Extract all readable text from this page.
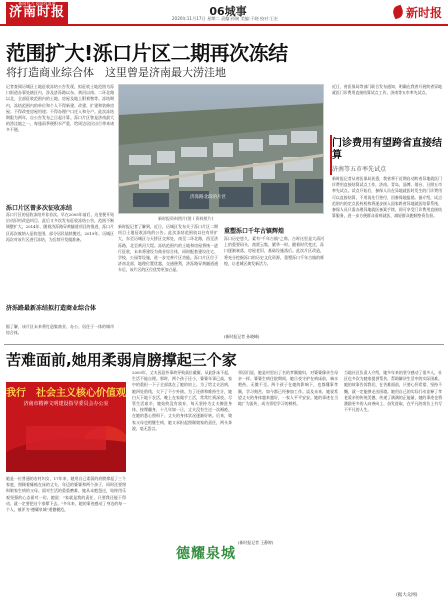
新闻有力 阅读有温度
济南时报	06城事
2020年11月17日 星期二 责编:孙婉 美编:于晓 校对:王宏	新时报
范围扩大!泺口片区二期再次冻结
将打造商业综合体　这里曾是济南最大涝洼地
记者查阅历城区土地征收冻结公告发现，拟征收土地范围为泺口街道办事处辖区内，涉及济泺路以东、黄河以南、二环北路以北，全部征收范围内的土地、房屋及地上附着物等。冻结期内，冻结范围内的单位和个人不得新建、改建、扩建和装修房屋；不得改变房屋用途；不得办理户口迁入和分户。此次冻结期限为两年，自公告发布之日起计算。泺口片区曾是济南最大的涝洼地之一，每逢雨季便积水严重，给周边居民出行带来诸多不便。
泺口片区曾多次征收冻结
泺口片区的征收冻结并非首次。早在2005年前后，这里便开始启动旧村改造项目，此后又多次发布征收冻结公告，范围不断调整扩大。2014年，随着济泺路穿黄隧道项目的推进，泺口片区再次被纳入征收范围，部分居民陆续搬迁。2019年，历城区再次对该片区进行冻结，为后续开发做准备。
济泺路最新冻结拟打造商业综合体
据了解，该片区未来将打造集商业、办公、居住于一体的城市综合体。
济泺路北段的片区
新时报资料图片(图 / 资料照片)
新时报记者了解到，近日，历城区发布关于泺口片区二期项目土地征收冻结的公告。此次冻结范围较以往有所扩大，东至历城区与天桥区交界处，南至二环北路，西至济泺路，北至黄河大堤。冻结范围内的土地和房屋将统一进行征收，未来将建设为商业综合体，同时配套建设住宅、学校、公园等设施，进一步完善片区功能。泺口片区位于济南北部，地理位置优越，交通便利，济泺路穿黄隧道通车后，该片区的区位优势更加凸显。
重塑泺口千年古镇辉煌
泺口历史悠久，素有"千年古镇"之称。古时这里是大清河上的重要码头，商贾云集，繁华一时。随着时代变迁，泺口逐渐衰落，房屋老旧，基础设施落后。此次片区改造，将充分挖掘泺口的历史文化资源，重塑泺口千年古镇的辉煌，让老城区焕发新活力。
(新时报记者 孙晓峰)
近日，省医保局等部门联合发布通知，明确在我省开展跨省异地就医门诊费用直接结算试点工作，济南等五市率先试点。
门诊费用有望跨省直接结算
济南等五市率先试点
新时报记者从省医保局获悉，我省将于近期启动跨省异地就医门诊费用直接结算试点工作，济南、青岛、淄博、烟台、日照五市率先试点。试点开始后，参保人员在异地就医时发生的门诊费用可以直接结算，不用再先行垫付、回参保地报销。据介绍，试点范围内的定点医药机构将逐步接入国家跨省异地就医结算系统，参保人员只需办理异地就医备案手续，即可享受门诊费用直接结算服务，进一步方便群众看病就医，减轻群众跑腿垫资负担。
苦难面前,她用柔弱肩膀撑起三个家
我行　社会主义核心价值观
济南市精神文明建设指导委员会办公室
她是一位普通的农村妇女，17年来，她用自己柔弱的肩膀撑起了三个家庭，照顾着瘫痪在床的丈夫、年迈的婆婆和两个孩子，同时还要照料娘家生病的父母。面对生活的重重磨难，她从未抱怨过，始终用乐观坚强的心态面对一切。她说："家就是我的责任，只要我还能干得动，就一定要把这个家撑下去。"多年来，她的事迹感动了身边的每一个人，被评为"德耀泉城"道德模范。
2003年，丈夫因意外事故导致高位截瘫，从此卧床不起，生活不能自理。那时，两个孩子还小，婆婆年事已高，家中的重担一下子全部落在了她的肩上。为了给丈夫治病，她四处借钱，欠下了不少外债。为了还债和维持生计，她白天下地干农活，晚上在家做手工活，常常忙到深夜。尽管生活艰辛，她始终没有放弃，每天坚持为丈夫擦洗身体、按摩翻身，十几年如一日，丈夫没有生过一次褥疮。在她的悉心照料下，丈夫的身体状况逐渐好转。后来，娘家父母也相继生病，她又承担起照顾娘家的责任，两头奔波，毫无怨言。
邻居们说，她是村里出了名的孝顺媳妇，对婆婆像亲生母亲一样。婆婆生病住院期间，她日夜守护在病床前，端水喂药，无微不至。两个孩子在她的影响下，也都懂事孝顺，学习刻苦，如今都已经参加工作。谈及未来，她说希望丈夫的身体越来越好，一家人平平安安。她的事迹在当地广为流传，成为邻里学习的榜样。
(新时报记者 王静婷)
当地社区负责人介绍，她多年来的坚守感动了很多人，社区也多次为她家提供帮扶，帮助解决生活中的实际困难。她的故事告诉我们，在苦难面前，只要心怀希望、坚持不懈，就一定能够走出困境。她用自己的实际行动诠释了孝老爱亲的传统美德，传递了满满的正能量，她的事迹也将激励更多的人向善向上、奋发进取，在平凡的岗位上书写不平凡的人生。
德耀泉城
(据大众网)
